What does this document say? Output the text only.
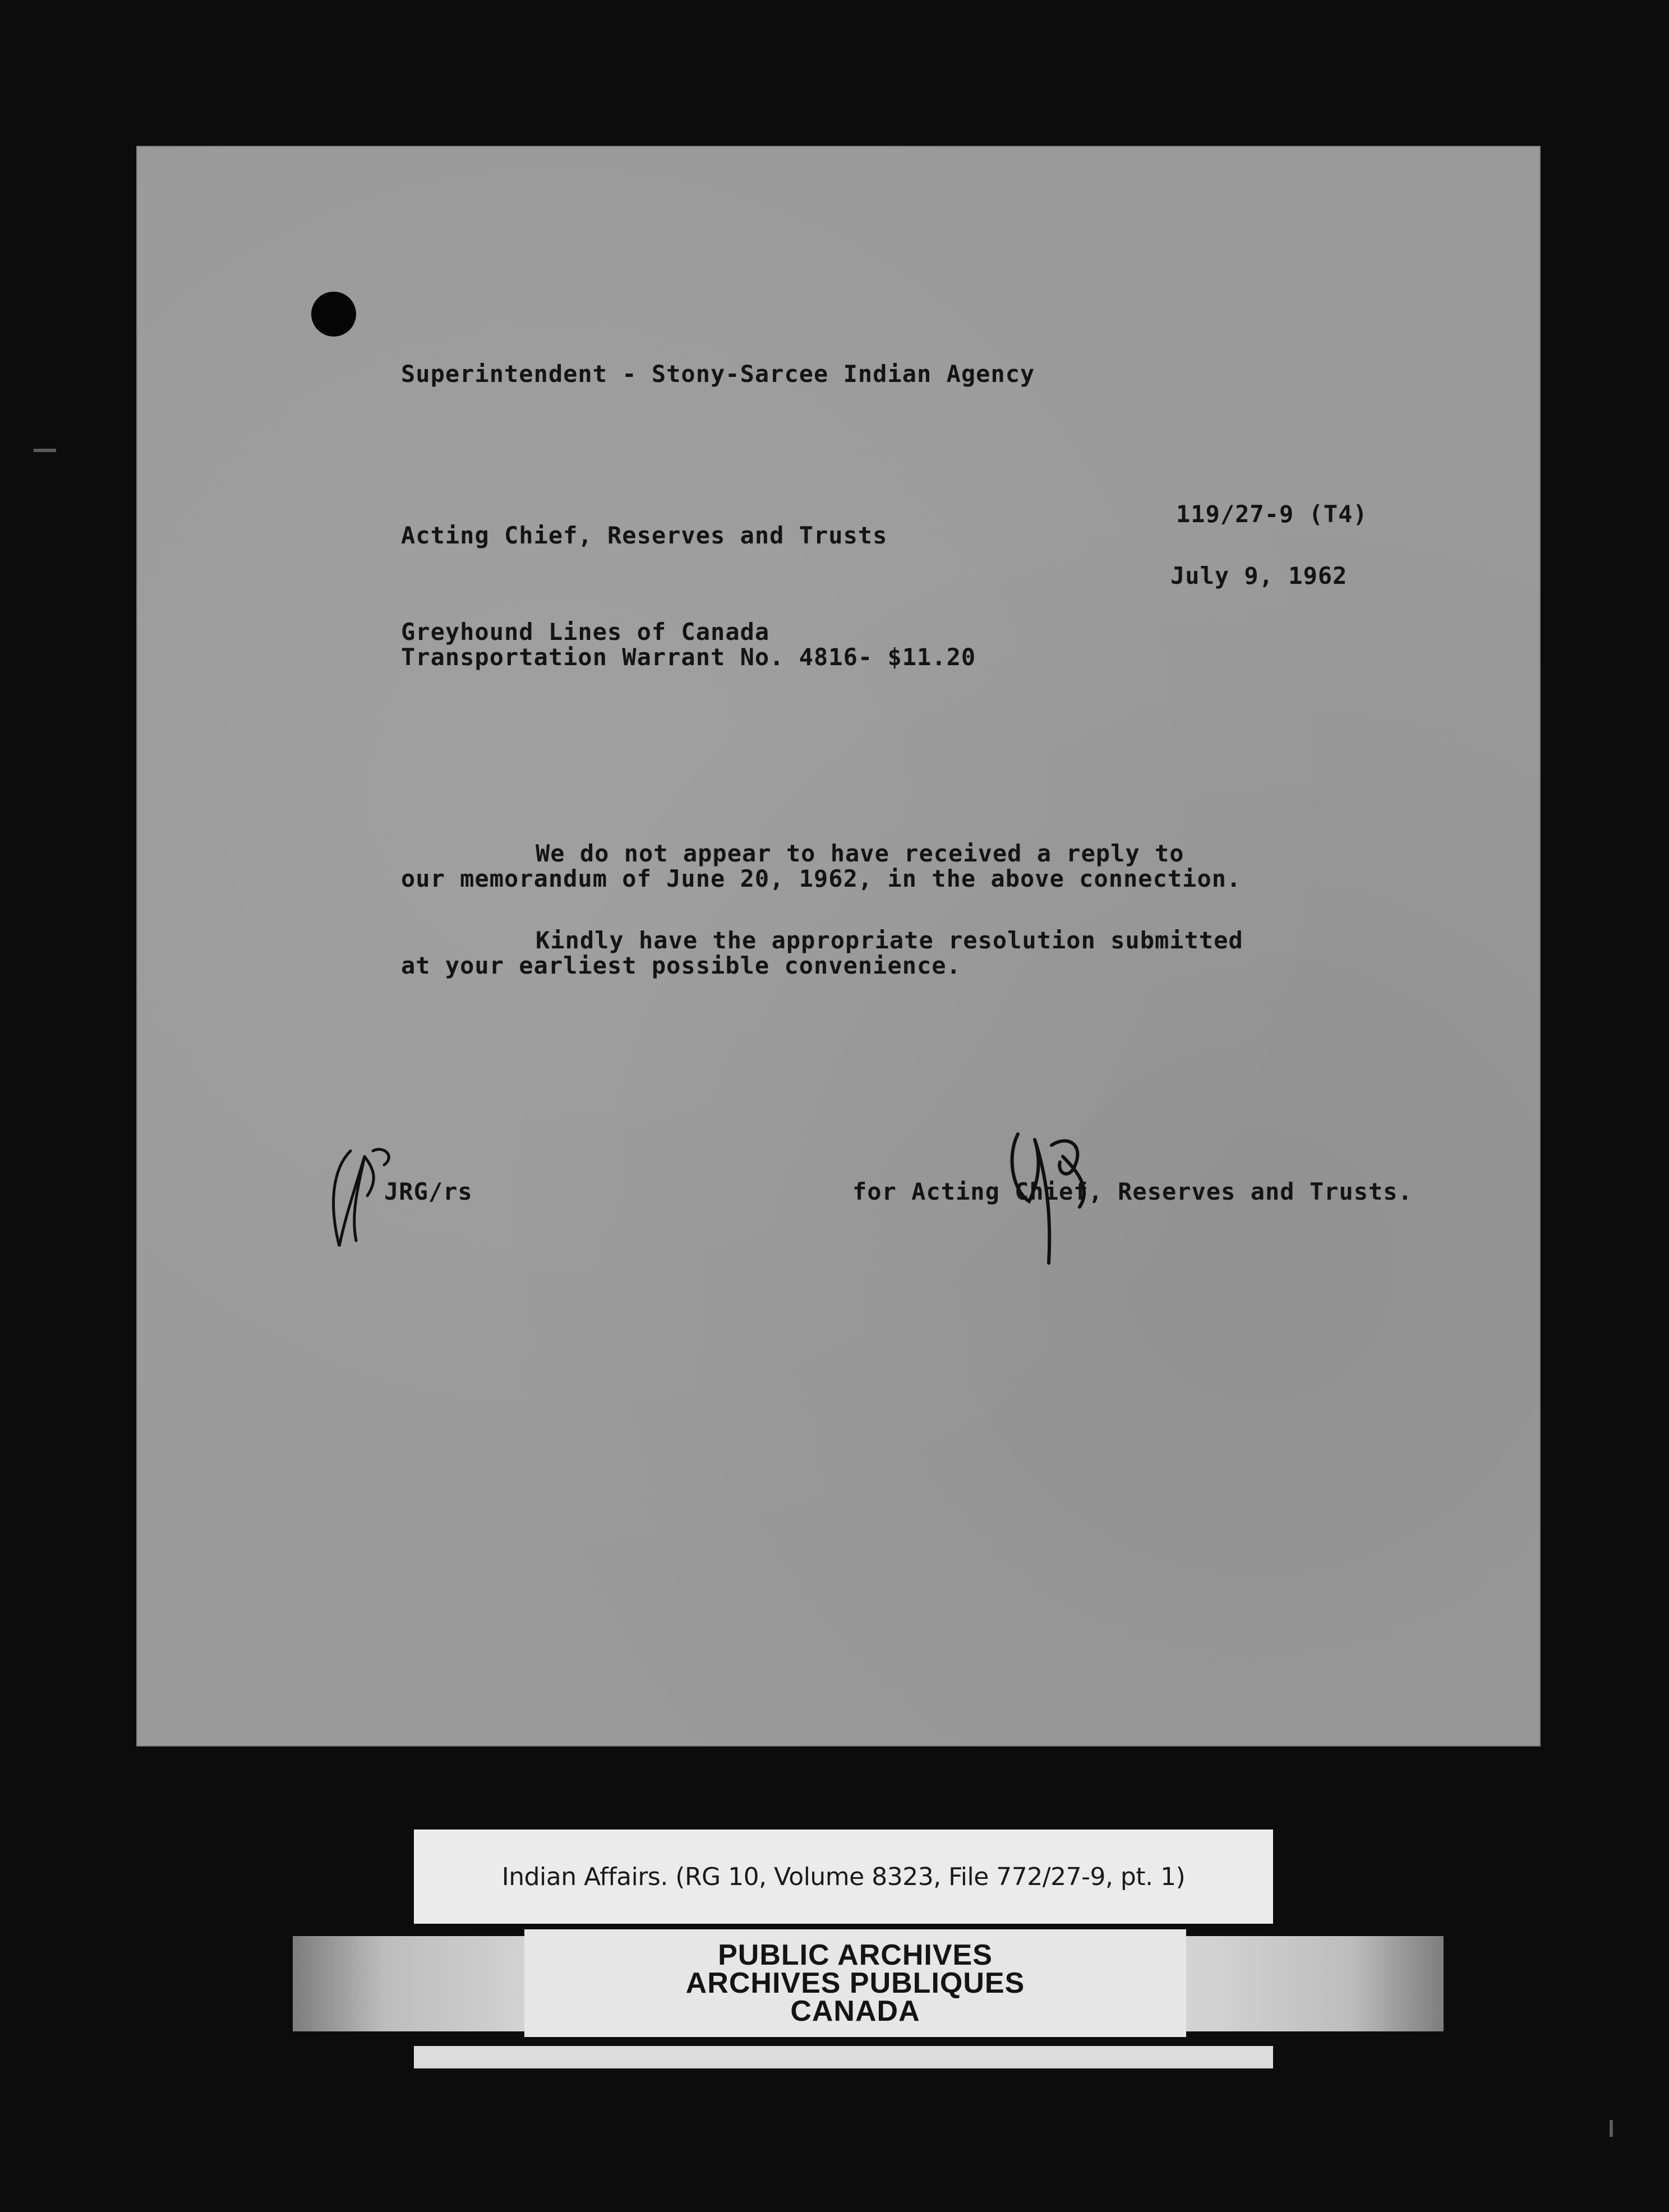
Superintendent - Stony-Sarcee Indian Agency
119/27-9 (T4)
Acting Chief, Reserves and Trusts
July 9, 1962
Greyhound Lines of Canada
Transportation Warrant No. 4816- $11.20
We do not appear to have received a reply to
our memorandum of June 20, 1962, in the above connection.
Kindly have the appropriate resolution submitted
at your earliest possible convenience.
JRG/rs	for Acting Chief, Reserves and Trusts.
Indian Affairs. (RG 10, Volume 8323, File 772/27-9, pt. 1)
PUBLIC ARCHIVES
ARCHIVES PUBLIQUES
CANADA
